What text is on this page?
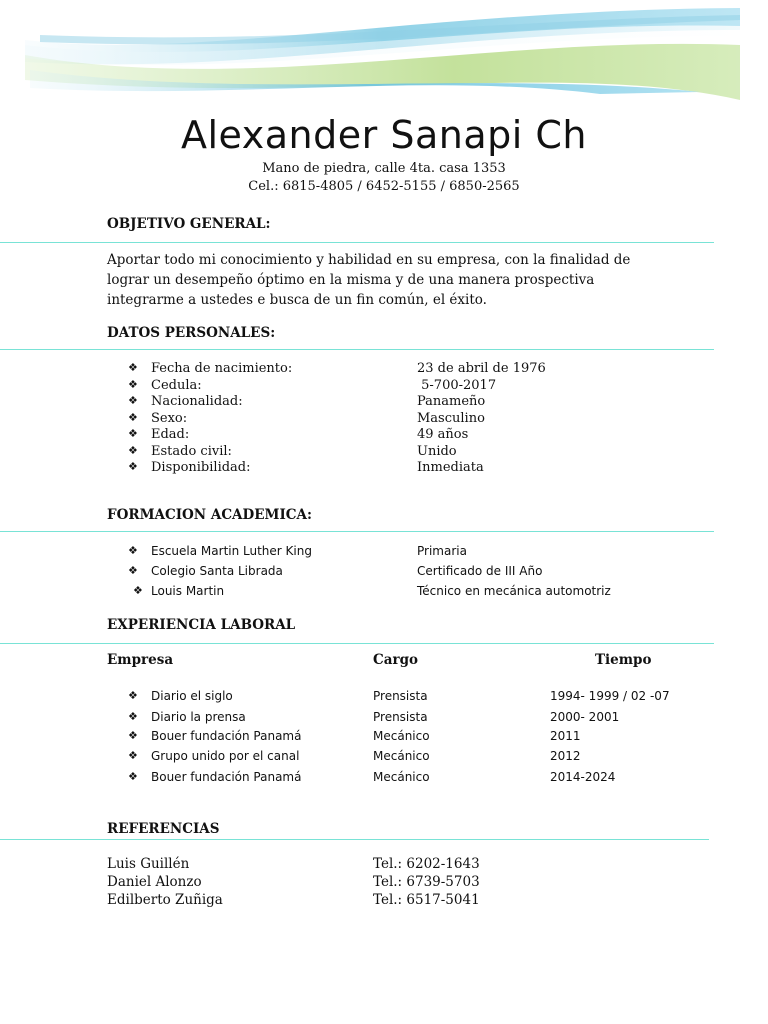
Alexander Sanapi Ch
Mano de piedra, calle 4ta. casa 1353
Cel.: 6815-4805 / 6452-5155 / 6850-2565
OBJETIVO GENERAL:
Aportar todo mi conocimiento y habilidad en su empresa, con la finalidad de lograr un desempeño óptimo en la misma y de una manera prospectiva integrarme a ustedes e busca de un fin común, el éxito.
DATOS PERSONALES:
❖ Fecha de nacimiento:	23 de abril de 1976
❖ Cedula:	5-700-2017
❖ Nacionalidad:	Panameño
❖ Sexo:	Masculino
❖ Edad:	49 años
❖ Estado civil:	Unido
❖ Disponibilidad:	Inmediata
FORMACION ACADEMICA:
❖ Escuela Martin Luther King	Primaria
❖ Colegio Santa Librada	Certificado de III Año
❖ Louis Martin	Técnico en mecánica automotriz
EXPERIENCIA LABORAL
Empresa	Cargo	Tiempo
❖ Diario el siglo	Prensista	1994- 1999 / 02 -07
❖ Diario la prensa	Prensista	2000- 2001
❖ Bouer fundación Panamá	Mecánico	2011
❖ Grupo unido por el canal	Mecánico	2012
❖ Bouer fundación Panamá	Mecánico	2014-2024
REFERENCIAS
Luis Guillén	Tel.: 6202-1643
Daniel Alonzo	Tel.: 6739-5703
Edilberto Zuñiga	Tel.: 6517-5041
